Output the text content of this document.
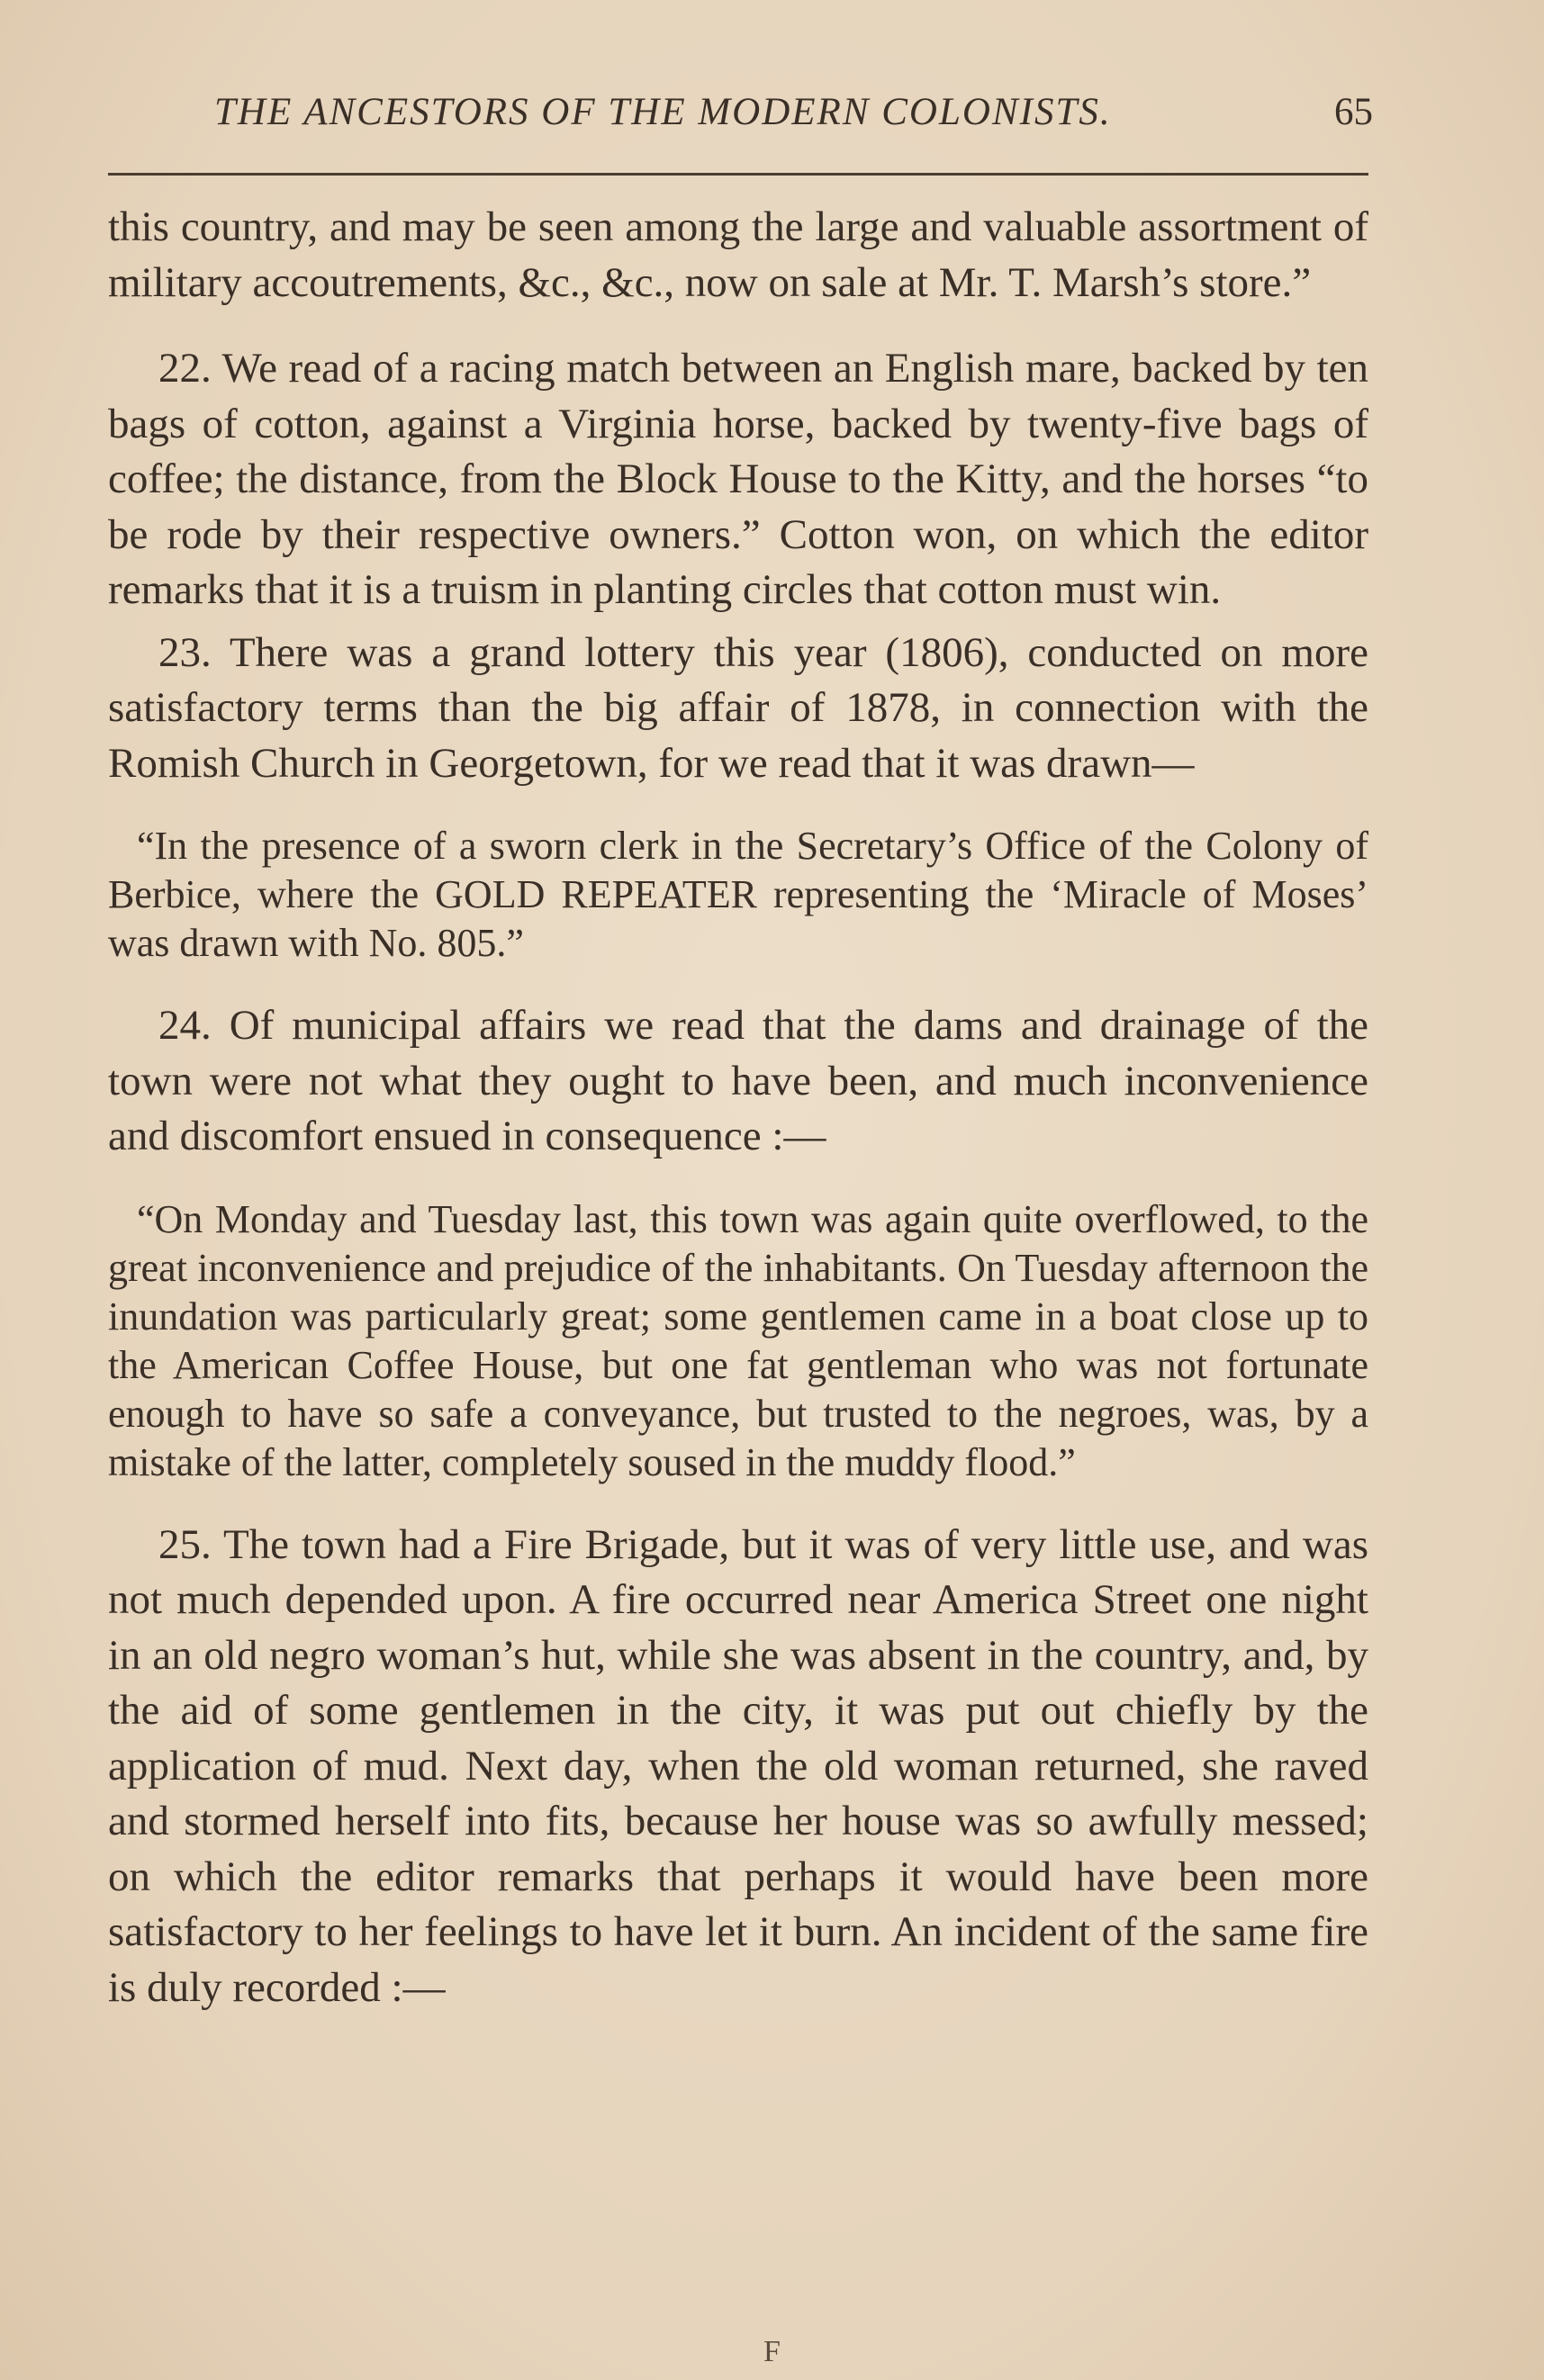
THE ANCESTORS OF THE MODERN COLONISTS.	65

this country, and may be seen among the large and valuable assortment of military accoutrements, &c., &c., now on sale at Mr. T. Marsh’s store.”

22. We read of a racing match between an English mare, backed by ten bags of cotton, against a Virginia horse, backed by twenty-five bags of coffee; the distance, from the Block House to the Kitty, and the horses “to be rode by their respective owners.” Cotton won, on which the editor remarks that it is a truism in planting circles that cotton must win.

23. There was a grand lottery this year (1806), conducted on more satisfactory terms than the big affair of 1878, in connection with the Romish Church in Georgetown, for we read that it was drawn—

“In the presence of a sworn clerk in the Secretary’s Office of the Colony of Berbice, where the GOLD REPEATER representing the ‘Miracle of Moses’ was drawn with No. 805.”

24. Of municipal affairs we read that the dams and drainage of the town were not what they ought to have been, and much inconvenience and discomfort ensued in consequence :—

“On Monday and Tuesday last, this town was again quite overflowed, to the great inconvenience and prejudice of the inhabitants. On Tuesday afternoon the inundation was particularly great; some gentlemen came in a boat close up to the American Coffee House, but one fat gentleman who was not fortunate enough to have so safe a conveyance, but trusted to the negroes, was, by a mistake of the latter, completely soused in the muddy flood.”

25. The town had a Fire Brigade, but it was of very little use, and was not much depended upon. A fire occurred near America Street one night in an old negro woman’s hut, while she was absent in the country, and, by the aid of some gentlemen in the city, it was put out chiefly by the application of mud. Next day, when the old woman returned, she raved and stormed herself into fits, because her house was so awfully messed; on which the editor remarks that perhaps it would have been more satisfactory to her feelings to have let it burn. An incident of the same fire is duly recorded :—

F
